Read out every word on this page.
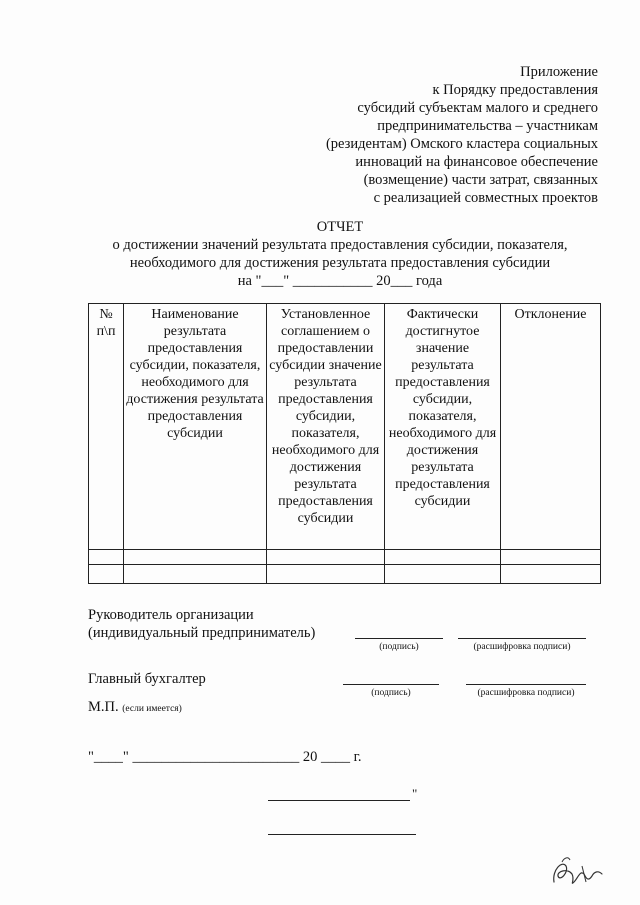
Приложение
к Порядку предоставления
субсидий субъектам малого и среднего
предпринимательства – участникам
(резидентам) Омского кластера социальных
инноваций на финансовое обеспечение
(возмещение) части затрат, связанных
с реализацией совместных проектов
ОТЧЕТ
о достижении значений результата предоставления субсидии, показателя,
необходимого для достижения результата предоставления субсидии
на "___" ___________ 20___ года
№ п\п	Наименование результата предоставления субсидии, показателя, необходимого для достижения результата предоставления субсидии	Установленное соглашением о предоставлении субсидии значение результата предоставления субсидии, показателя, необходимого для достижения результата предоставления субсидии	Фактически достигнутое значение результата предоставления субсидии, показателя, необходимого для достижения результата предоставления субсидии	Отклонение

Руководитель организации
(индивидуальный предприниматель)
(подпись)	(расшифровка подписи)
Главный бухгалтер
(подпись)	(расшифровка подписи)
М.П. (если имеется)
"____" _______________________ 20 ____ г.
"
